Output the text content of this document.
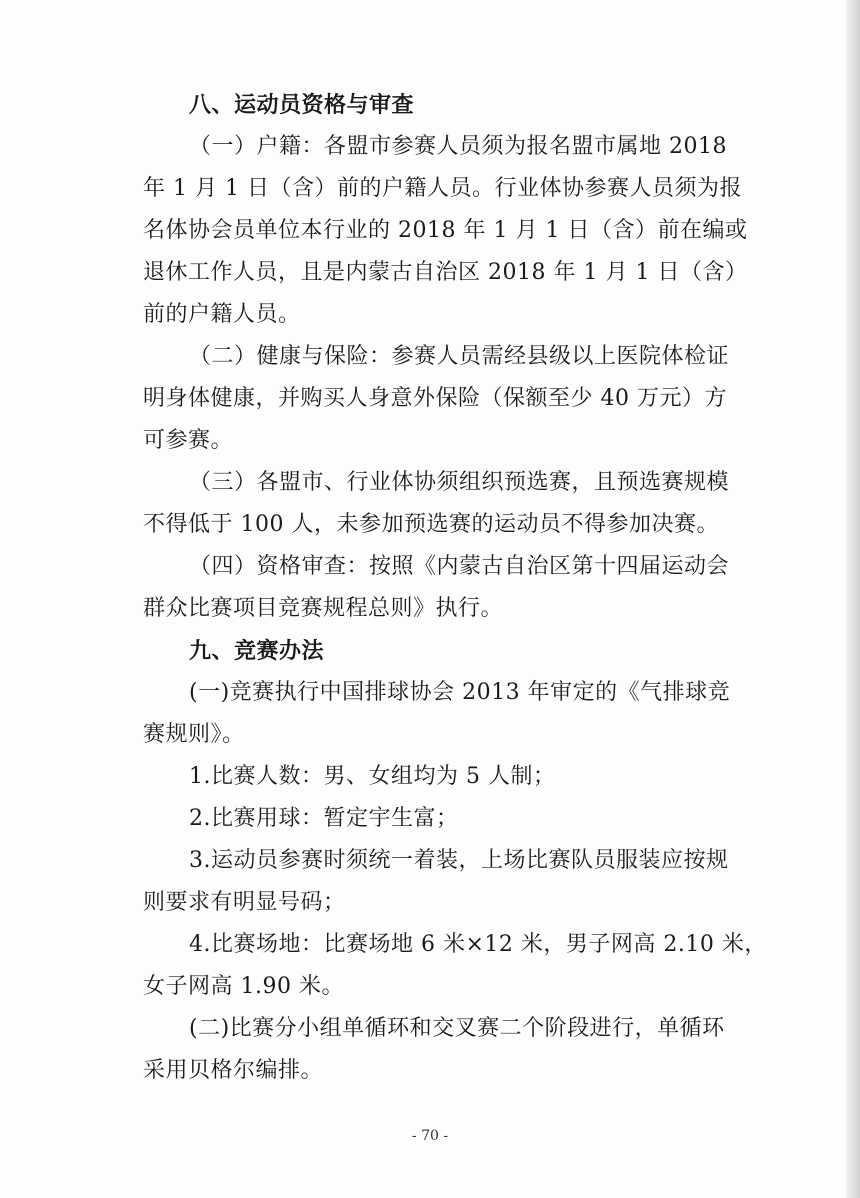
八、运动员资格与审查
（一）户籍：各盟市参赛人员须为报名盟市属地 2018
年 1 月 1 日（含）前的户籍人员。行业体协参赛人员须为报
名体协会员单位本行业的 2018 年 1 月 1 日（含）前在编或
退休工作人员，且是内蒙古自治区 2018 年 1 月 1 日（含）
前的户籍人员。
（二）健康与保险：参赛人员需经县级以上医院体检证
明身体健康，并购买人身意外保险（保额至少 40 万元）方
可参赛。
（三）各盟市、行业体协须组织预选赛，且预选赛规模
不得低于 100 人，未参加预选赛的运动员不得参加决赛。
（四）资格审查：按照《内蒙古自治区第十四届运动会
群众比赛项目竞赛规程总则》执行。
九、竞赛办法
(一)竞赛执行中国排球协会 2013 年审定的《气排球竞
赛规则》。
1.比赛人数：男、女组均为 5 人制；
2.比赛用球：暂定宇生富；
3.运动员参赛时须统一着装，上场比赛队员服装应按规
则要求有明显号码；
4.比赛场地：比赛场地 6 米×12 米，男子网高 2.10 米，
女子网高 1.90 米。
(二)比赛分小组单循环和交叉赛二个阶段进行，单循环
采用贝格尔编排。
- 70 -
